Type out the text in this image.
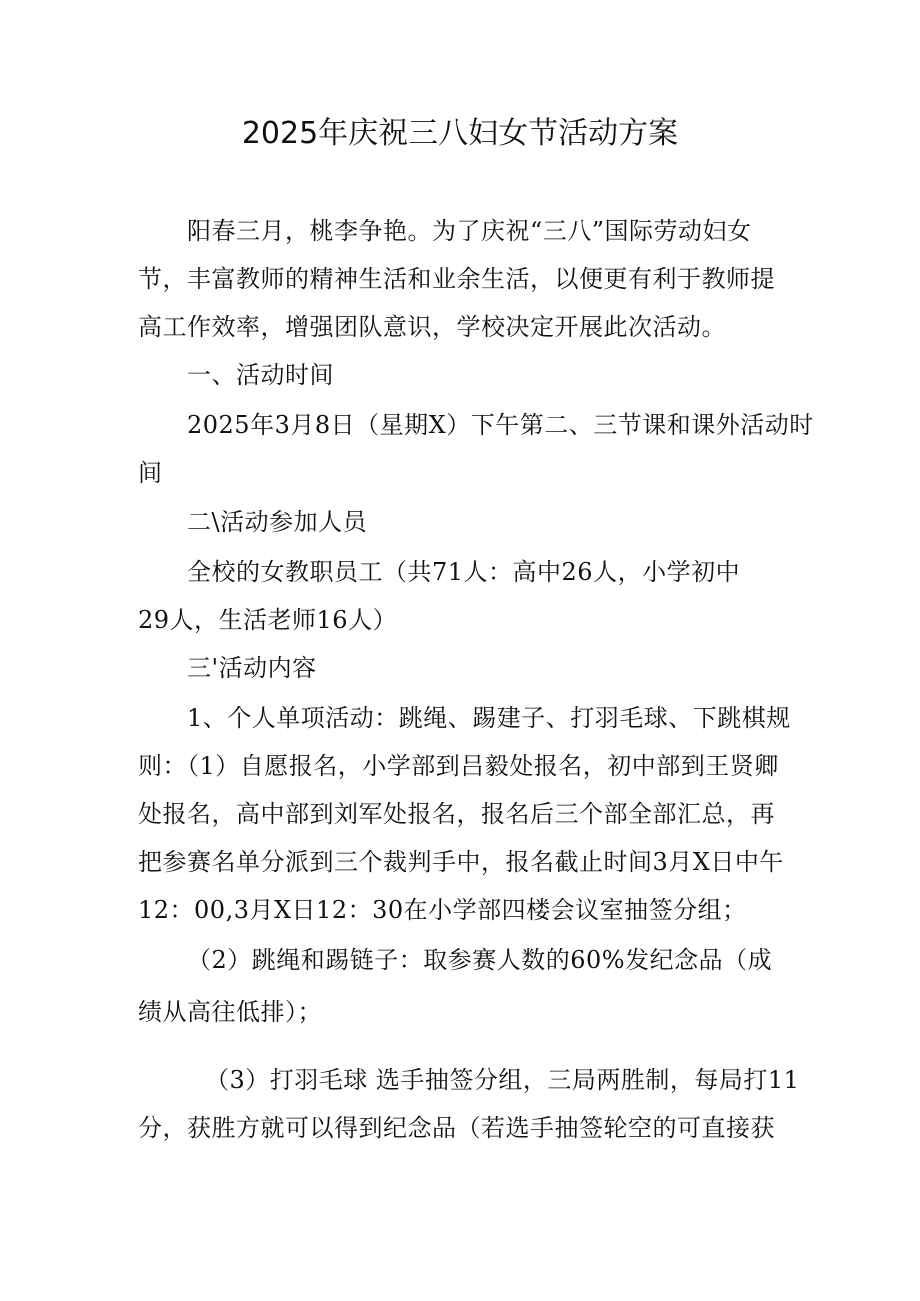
2025年庆祝三八妇女节活动方案
阳春三月，桃李争艳。为了庆祝“三八”国际劳动妇女
节，丰富教师的精神生活和业余生活，以便更有利于教师提
高工作效率，增强团队意识，学校决定开展此次活动。
一、活动时间
2025年3月8日（星期X）下午第二、三节课和课外活动时
间
二\活动参加人员
全校的女教职员工（共71人：高中26人，小学初中
29人，生活老师16人）
三'活动内容
1、个人单项活动：跳绳、踢建子、打羽毛球、下跳棋规
则：（1）自愿报名，小学部到吕毅处报名，初中部到王贤卿
处报名，高中部到刘军处报名，报名后三个部全部汇总，再
把参赛名单分派到三个裁判手中，报名截止时间3月X日中午
12：00,3月X日12：30在小学部四楼会议室抽签分组；
（2）跳绳和踢链子：取参赛人数的60%发纪念品（成
绩从高往低排）；
（3）打羽毛球 选手抽签分组，三局两胜制，每局打11
分，获胜方就可以得到纪念品（若选手抽签轮空的可直接获
